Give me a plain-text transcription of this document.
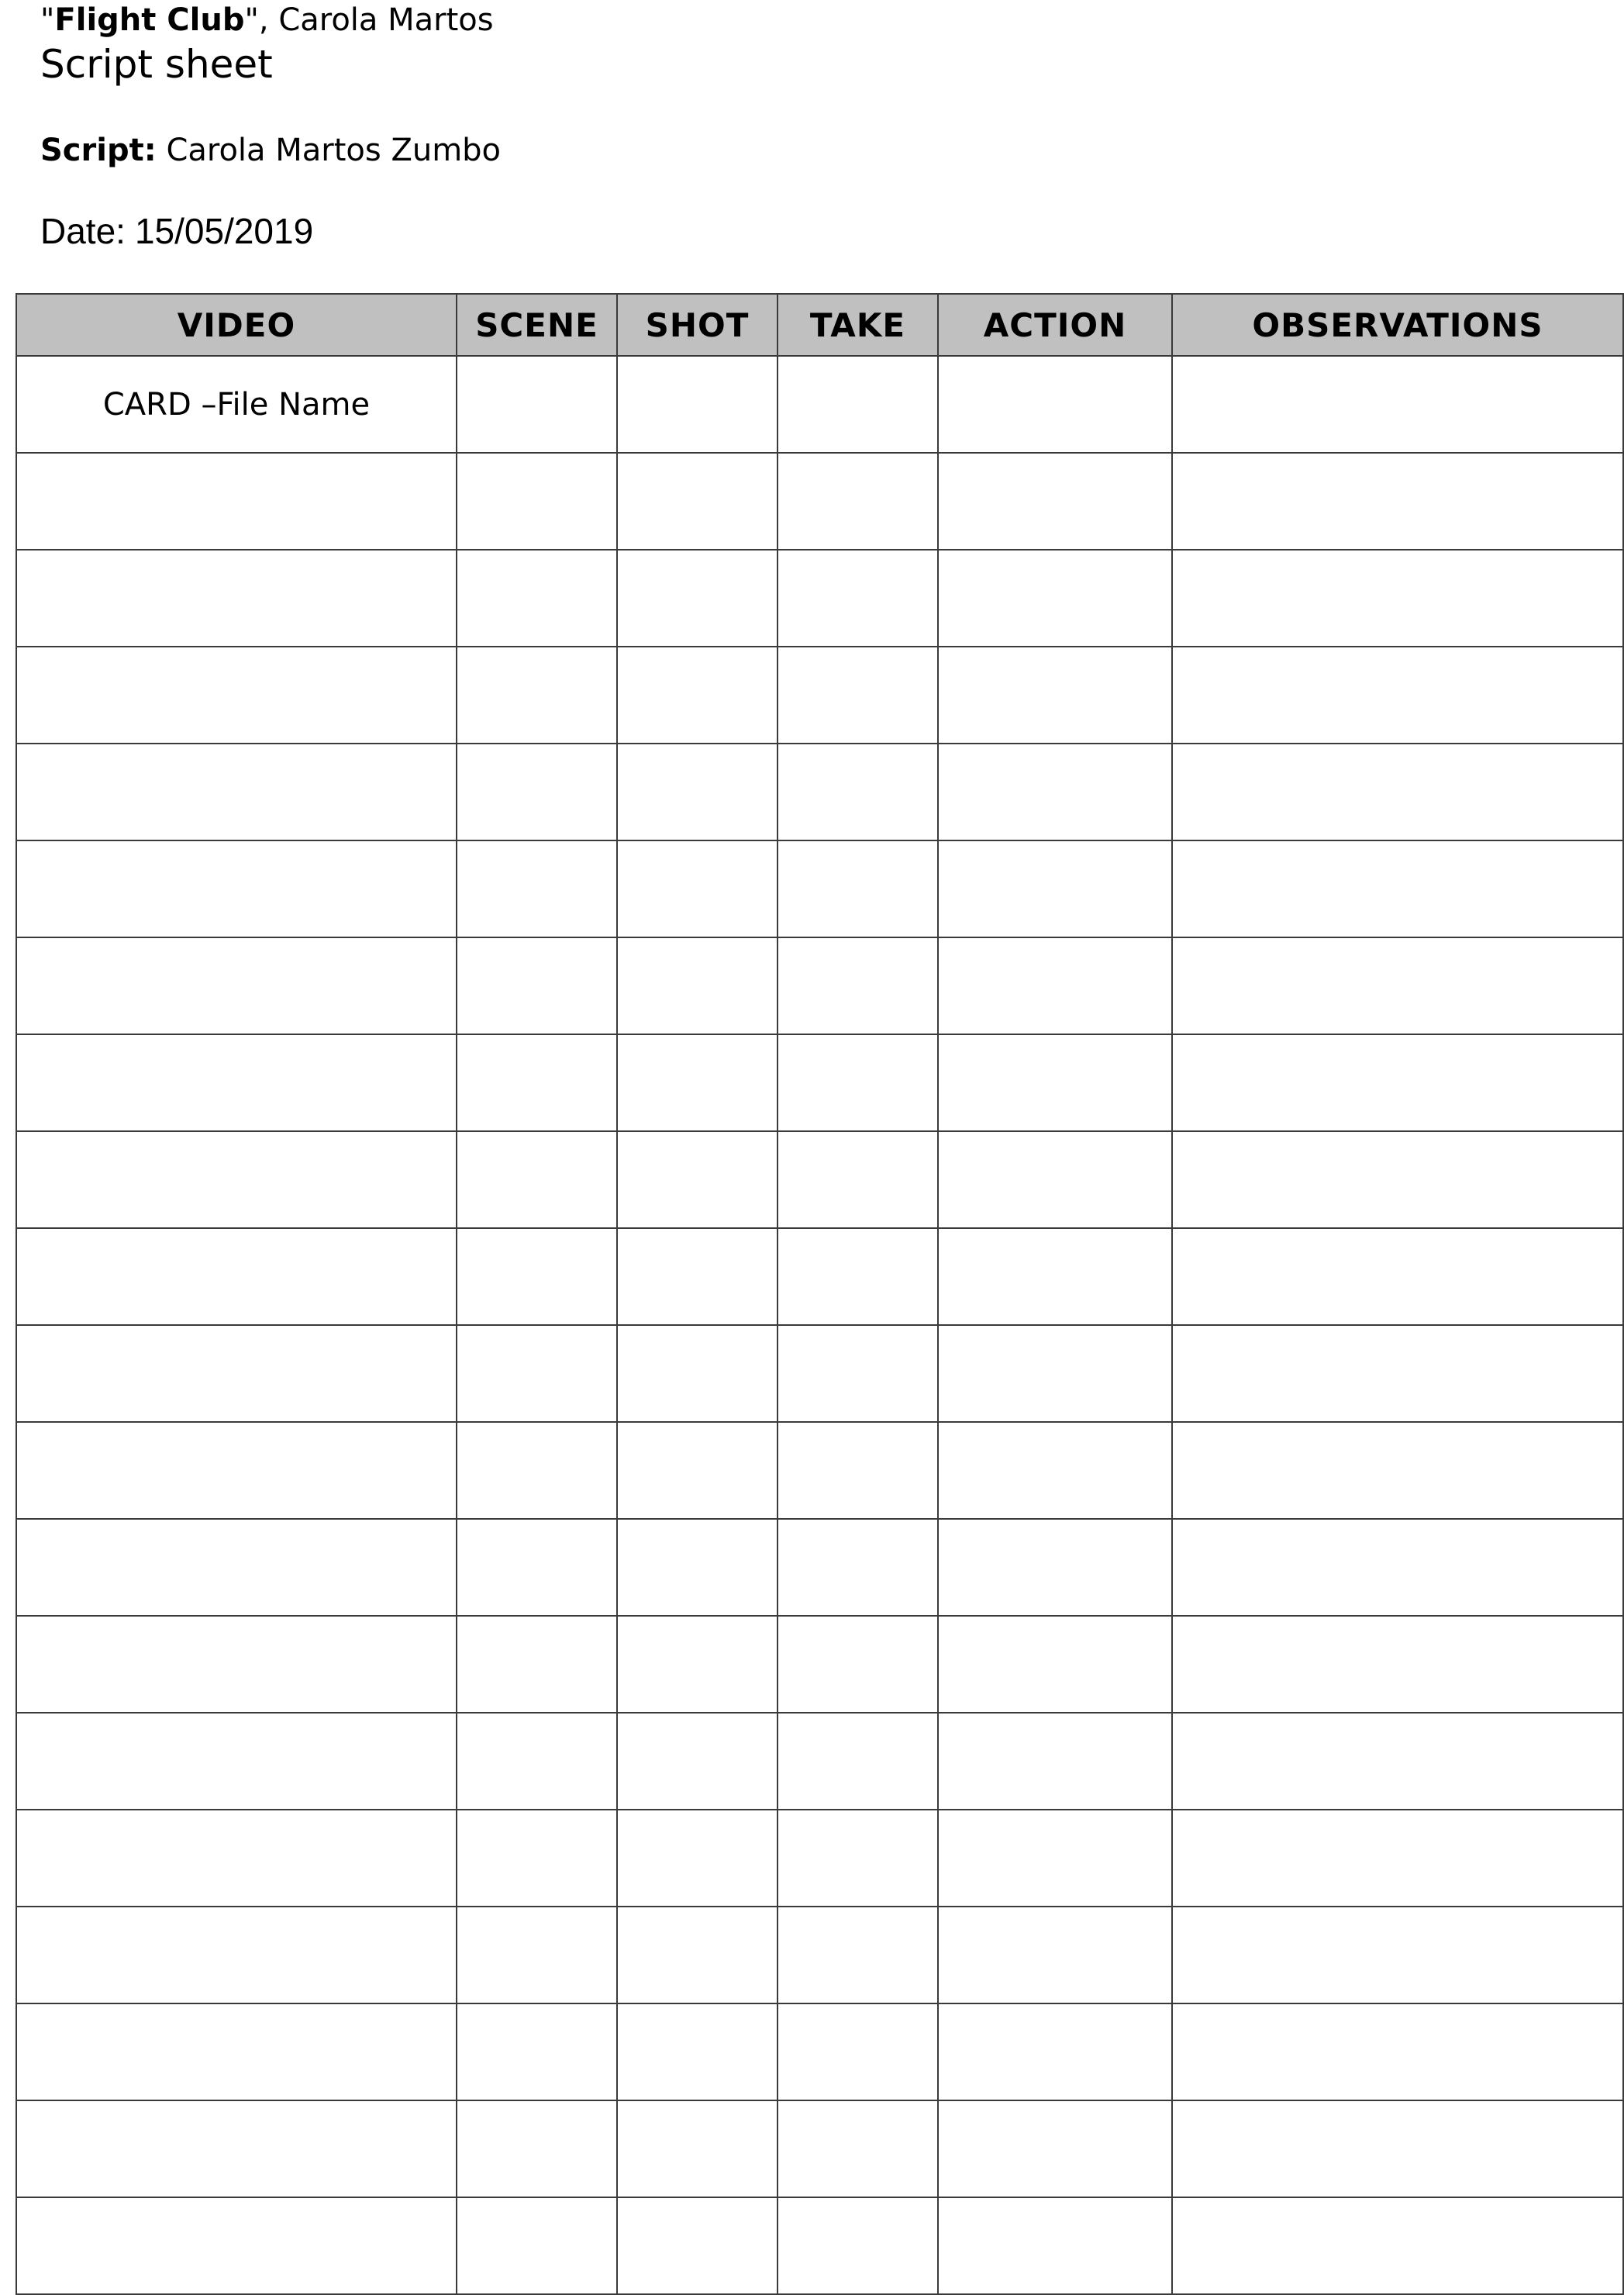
"Flight Club", Carola Martos
Script sheet
Script: Carola Martos Zumbo
Date: 15/05/2019
VIDEO	SCENE	SHOT	TAKE	ACTION	OBSERVATIONS
CARD –File Name					
